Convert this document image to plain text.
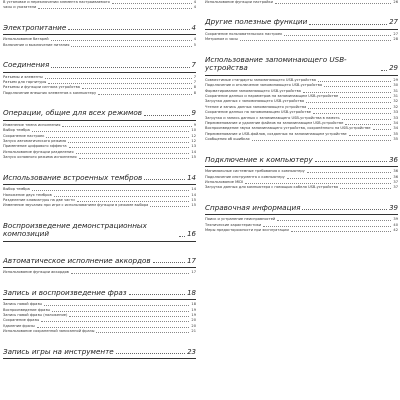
В установке и переключении элемента настраиваемого	4
часы и указатели	4
Электропитание	4
Использование батарей	4
Включение и выключение питания	5
Соединения	7
Разъемы и элементы	7
Разъем для гарнитуры	7
Разъемы и функции сигнала устройства	8
Подключение внешних элементов к компьютеру	8
Операции, общие для всех режимов	9
Изменение темпа исполнения	9
Выбор тембра	10
Сохранение настроек	12
Запуск автоматического режима	12
Применение цифрового эффекта	13
Использование функции разделения	14
Запуск основного режима исполнения	15
Использование встроенных тембров	14
Выбор тембра	14
Наложение двух тембров	14
Разделение клавиатуры на две части	15
Изменение звучания при игре с использованием функции в режиме выбора	15
Воспроизведение демонстрационных композиций	16
Автоматическое исполнение аккордов	17
Использование функции аккордов	17
Запись и воспроизведение фраз	18
Запись новой фразы	18
Воспроизведение фразы	19
Запись новой фразы (наложение)	19
Сохранение фразы	20
Удаление фразы	20
Использование сохраненной записанной фразы	21
Запись игры на инструменте	23
Использование функции настройки	26
Другие полезные функции	27
Сохранение пользовательских настроек	27
Метроном и часы	28
Использование запоминающего USB-устройства	29
Совместимые стандарты запоминающего USB-устройства	29
Подключение и отключение запоминающего USB-устройства	30
Форматирование запоминающего USB-устройства	31
Сохранение данных и параметров на запоминающем USB-устройстве	31
Загрузка данных с запоминающего USB-устройства	32
Чтение и запись данных запоминающего устройства	32
Сохранение данных на запоминающем USB-устройстве	33
Загрузка и запись данных с запоминающего USB-устройства в память	33
Переименование и удаление файлов на запоминающем USB-устройстве	34
Воспроизведение звука запоминающего устройства, сохранённого на USB-устройстве	34
Переименование и USB-файлов, созданных на запоминающем устройстве	35
Сообщения об ошибках	35
Подключение к компьютеру	36
Минимальные системные требования к компьютеру	36
Подключение инструмента к компьютеру	36
Использование MIDI	37
Загрузка данных для компьютера с помощью кабеля USB-устройства	37
Справочная информация	39
Поиск и устранение неисправностей	39
Технические характеристики	40
Меры предосторожности при эксплуатации	42
